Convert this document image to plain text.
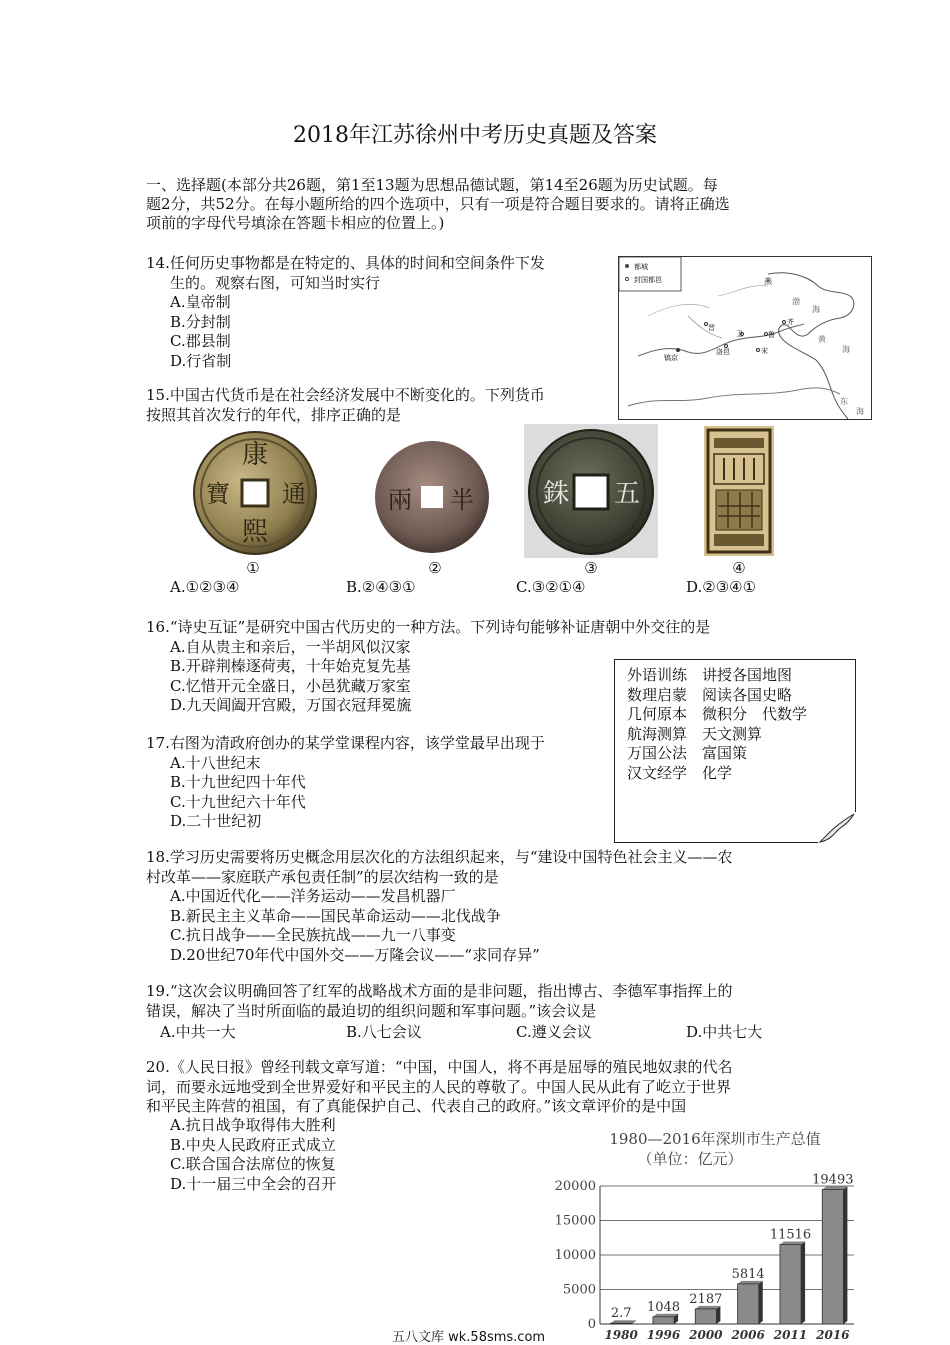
2018年江苏徐州中考历史真题及答案
一、选择题(本部分共26题，第1至13题为思想品德试题，第14至26题为历史试题。每
题2分，共52分。在每小题所给的四个选项中，只有一项是符合题目要求的。请将正确选
项前的字母代号填涂在答题卡相应的位置上。)
14.任何历史事物都是在特定的、具体的时间和空间条件下发
生的。观察右图，可知当时实行
A.皇帝制
B.分封制
C.郡县制
D.行省制
都城
封国都邑	燕
渤
海
黄
海
东
海
晋
卫	鲁
齐
镐京
洛邑	宋
15.中国古代货币是在社会经济发展中不断变化的。下列货币
按照其首次发行的年代，排序正确的是
康
熙
通
寶	半
兩	五
銖
①	②	③	④
A.①②③④	B.②④③①	C.③②①④	D.②③④①
16.“诗史互证”是研究中国古代历史的一种方法。下列诗句能够补证唐朝中外交往的是
A.自从贵主和亲后，一半胡风似汉家
B.开辟荆榛逐荷夷，十年始克复先基
C.忆惜开元全盛日，小邑犹藏万家室
D.九天阊阖开宫殿，万国衣冠拜冕旒
外语训练　讲授各国地图
数理启蒙　阅读各国史略
几何原本　微积分　代数学
航海测算　天文测算
万国公法　富国策
汉文经学　化学
17.右图为清政府创办的某学堂课程内容，该学堂最早出现于
A.十八世纪末
B.十九世纪四十年代
C.十九世纪六十年代
D.二十世纪初
18.学习历史需要将历史概念用层次化的方法组织起来，与“建设中国特色社会主义——农
村改革——家庭联产承包责任制”的层次结构一致的是
A.中国近代化——洋务运动——发昌机器厂
B.新民主主义革命——国民革命运动——北伐战争
C.抗日战争——全民族抗战——九一八事变
D.20世纪70年代中国外交——万隆会议——“求同存异”
19.“这次会议明确回答了红军的战略战术方面的是非问题，指出博古、李德军事指挥上的
错误，解决了当时所面临的最迫切的组织问题和军事问题。”该会议是
A.中共一大	B.八七会议	C.遵义会议	D.中共七大
20.《人民日报》曾经刊载文章写道：“中国，中国人，将不再是屈辱的殖民地奴隶的代名
词，而要永远地受到全世界爱好和平民主的人民的尊敬了。中国人民从此有了屹立于世界
和平民主阵营的祖国，有了真能保护自己、代表自己的政府。”该文章评价的是中国
A.抗日战争取得伟大胜利
B.中央人民政府正式成立
C.联合国合法席位的恢复
D.十一届三中全会的召开
1980—2016年深圳市生产总值
（单位：亿元）
0
5000
10000
15000
20000
2.7
1980
1048
1996
2187
2000
5814
2006
11516
2011
19493
2016
五八文库 wk.58sms.com
